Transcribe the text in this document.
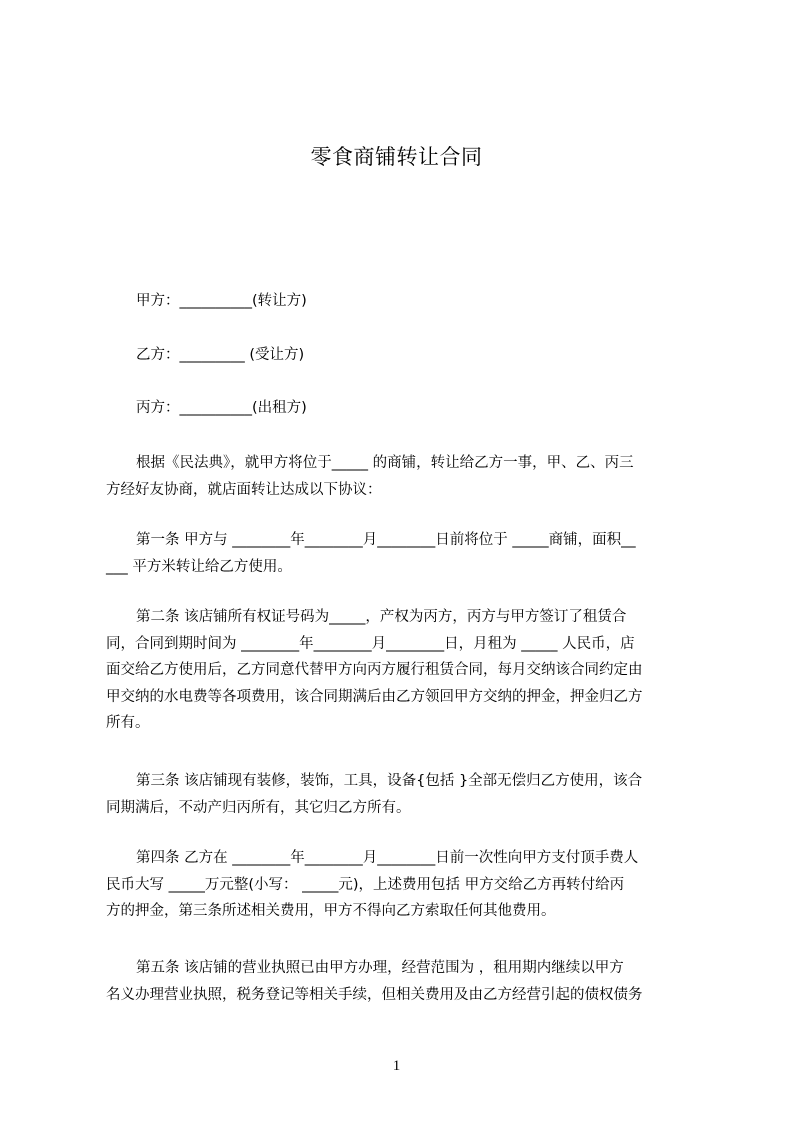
零食商铺转让合同
甲方：__________(转让方)
乙方：_________ (受让方)
丙方：__________(出租方)
根据《民法典》，就甲方将位于_____ 的商铺，转让给乙方一事，甲、乙、丙三
方经好友协商，就店面转让达成以下协议：
第一条 甲方与 ________年________月________日前将位于 _____商铺，面积__
___ 平方米转让给乙方使用。
第二条 该店铺所有权证号码为_____，产权为丙方，丙方与甲方签订了租赁合
同，合同到期时间为 ________年________月________日，月租为 _____ 人民币，店
面交给乙方使用后，乙方同意代替甲方向丙方履行租赁合同，每月交纳该合同约定由
甲交纳的水电费等各项费用，该合同期满后由乙方领回甲方交纳的押金，押金归乙方
所有。
第三条 该店铺现有装修，装饰，工具，设备{包括 }全部无偿归乙方使用，该合
同期满后，不动产归丙所有，其它归乙方所有。
第四条 乙方在 ________年________月________日前一次性向甲方支付顶手费人
民币大写 _____万元整(小写： _____元)，上述费用包括 甲方交给乙方再转付给丙
方的押金，第三条所述相关费用，甲方不得向乙方索取任何其他费用。
第五条 该店铺的营业执照已由甲方办理，经营范围为 ，租用期内继续以甲方
名义办理营业执照，税务登记等相关手续，但相关费用及由乙方经营引起的债权债务
1
